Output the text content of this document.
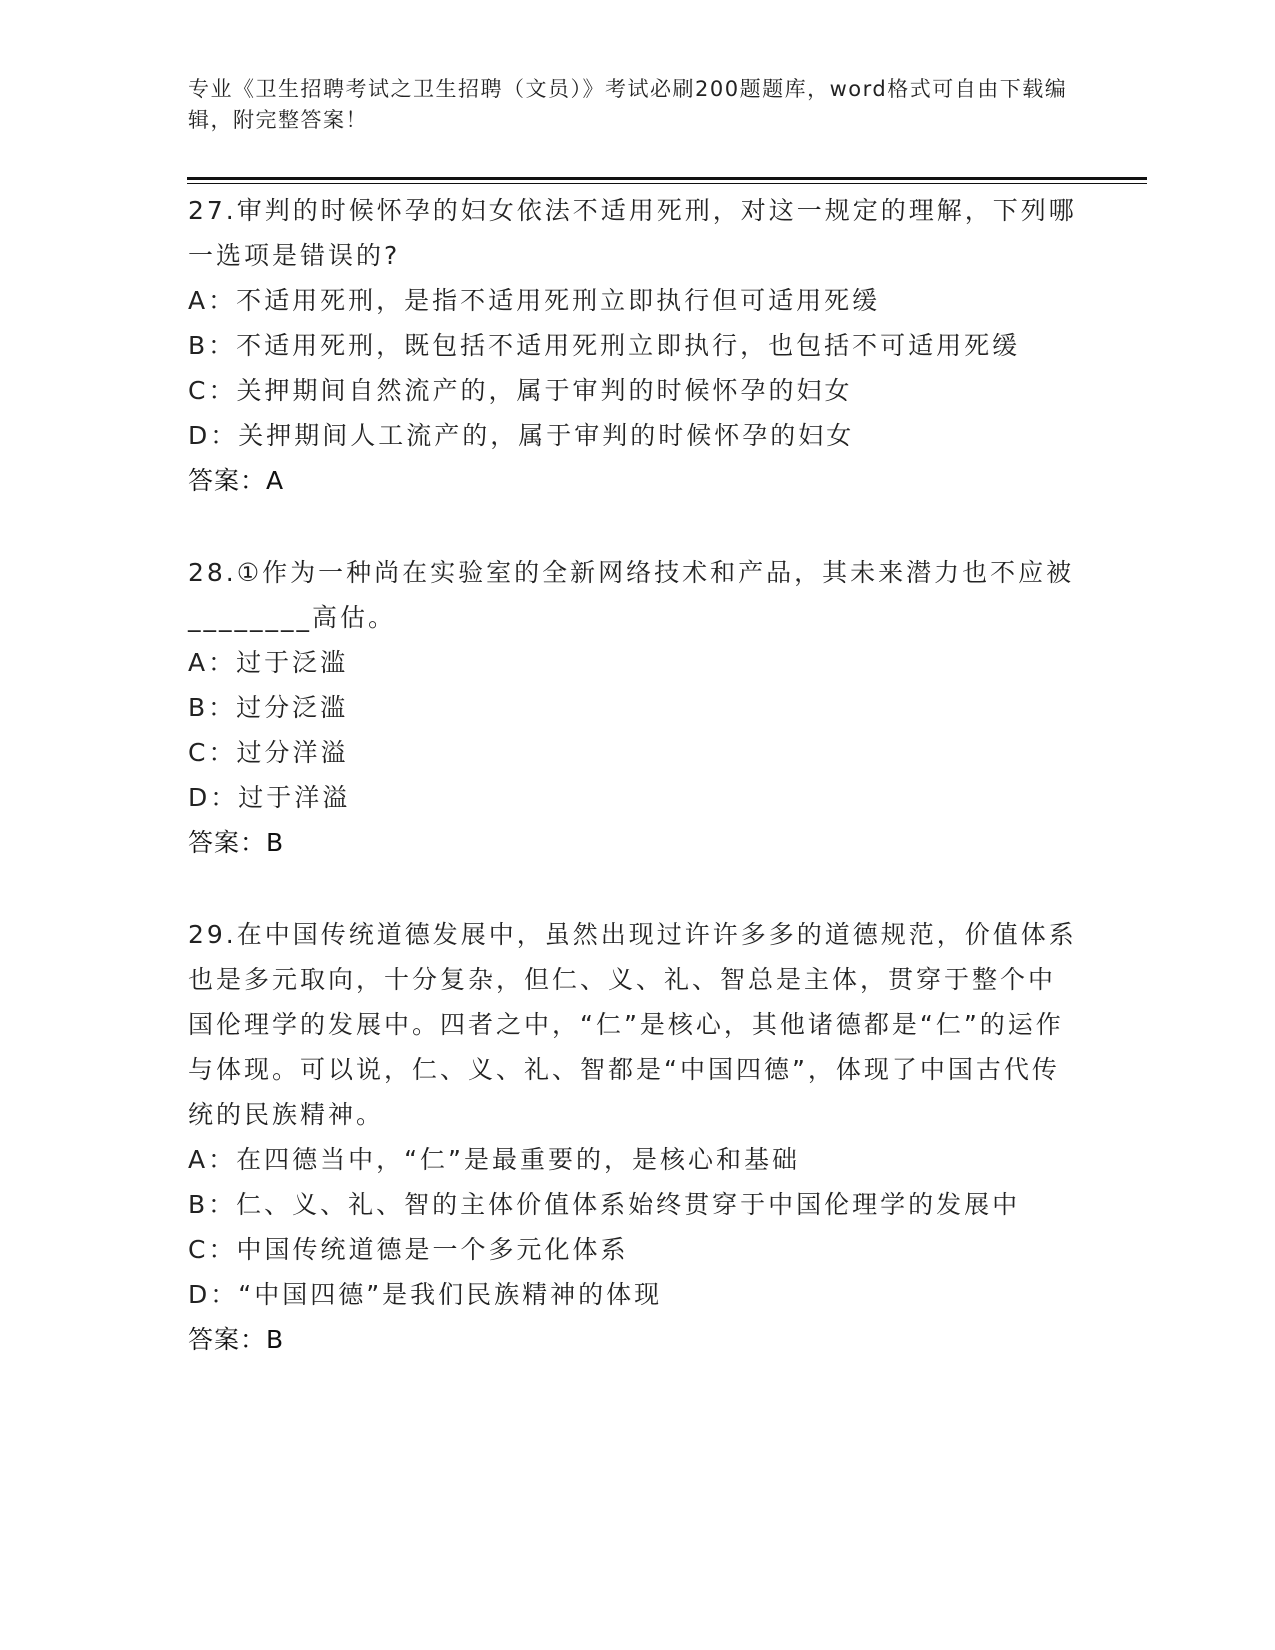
专业《卫生招聘考试之卫生招聘（文员）》考试必刷200题题库，word格式可自由下载编辑，附完整答案！
27.审判的时候怀孕的妇女依法不适用死刑，对这一规定的理解，下列哪一选项是错误的?
A：不适用死刑，是指不适用死刑立即执行但可适用死缓
B：不适用死刑，既包括不适用死刑立即执行，也包括不可适用死缓
C：关押期间自然流产的，属于审判的时候怀孕的妇女
D：关押期间人工流产的，属于审判的时候怀孕的妇女
答案：A
28.①作为一种尚在实验室的全新网络技术和产品，其未来潜力也不应被________高估。
A：过于泛滥
B：过分泛滥
C：过分洋溢
D：过于洋溢
答案：B
29.在中国传统道德发展中，虽然出现过许许多多的道德规范，价值体系也是多元取向，十分复杂，但仁、义、礼、智总是主体，贯穿于整个中国伦理学的发展中。四者之中，“仁”是核心，其他诸德都是“仁”的运作与体现。可以说，仁、义、礼、智都是“中国四德”，体现了中国古代传统的民族精神。
A：在四德当中，“仁”是最重要的，是核心和基础
B：仁、义、礼、智的主体价值体系始终贯穿于中国伦理学的发展中
C：中国传统道德是一个多元化体系
D：“中国四德”是我们民族精神的体现
答案：B
